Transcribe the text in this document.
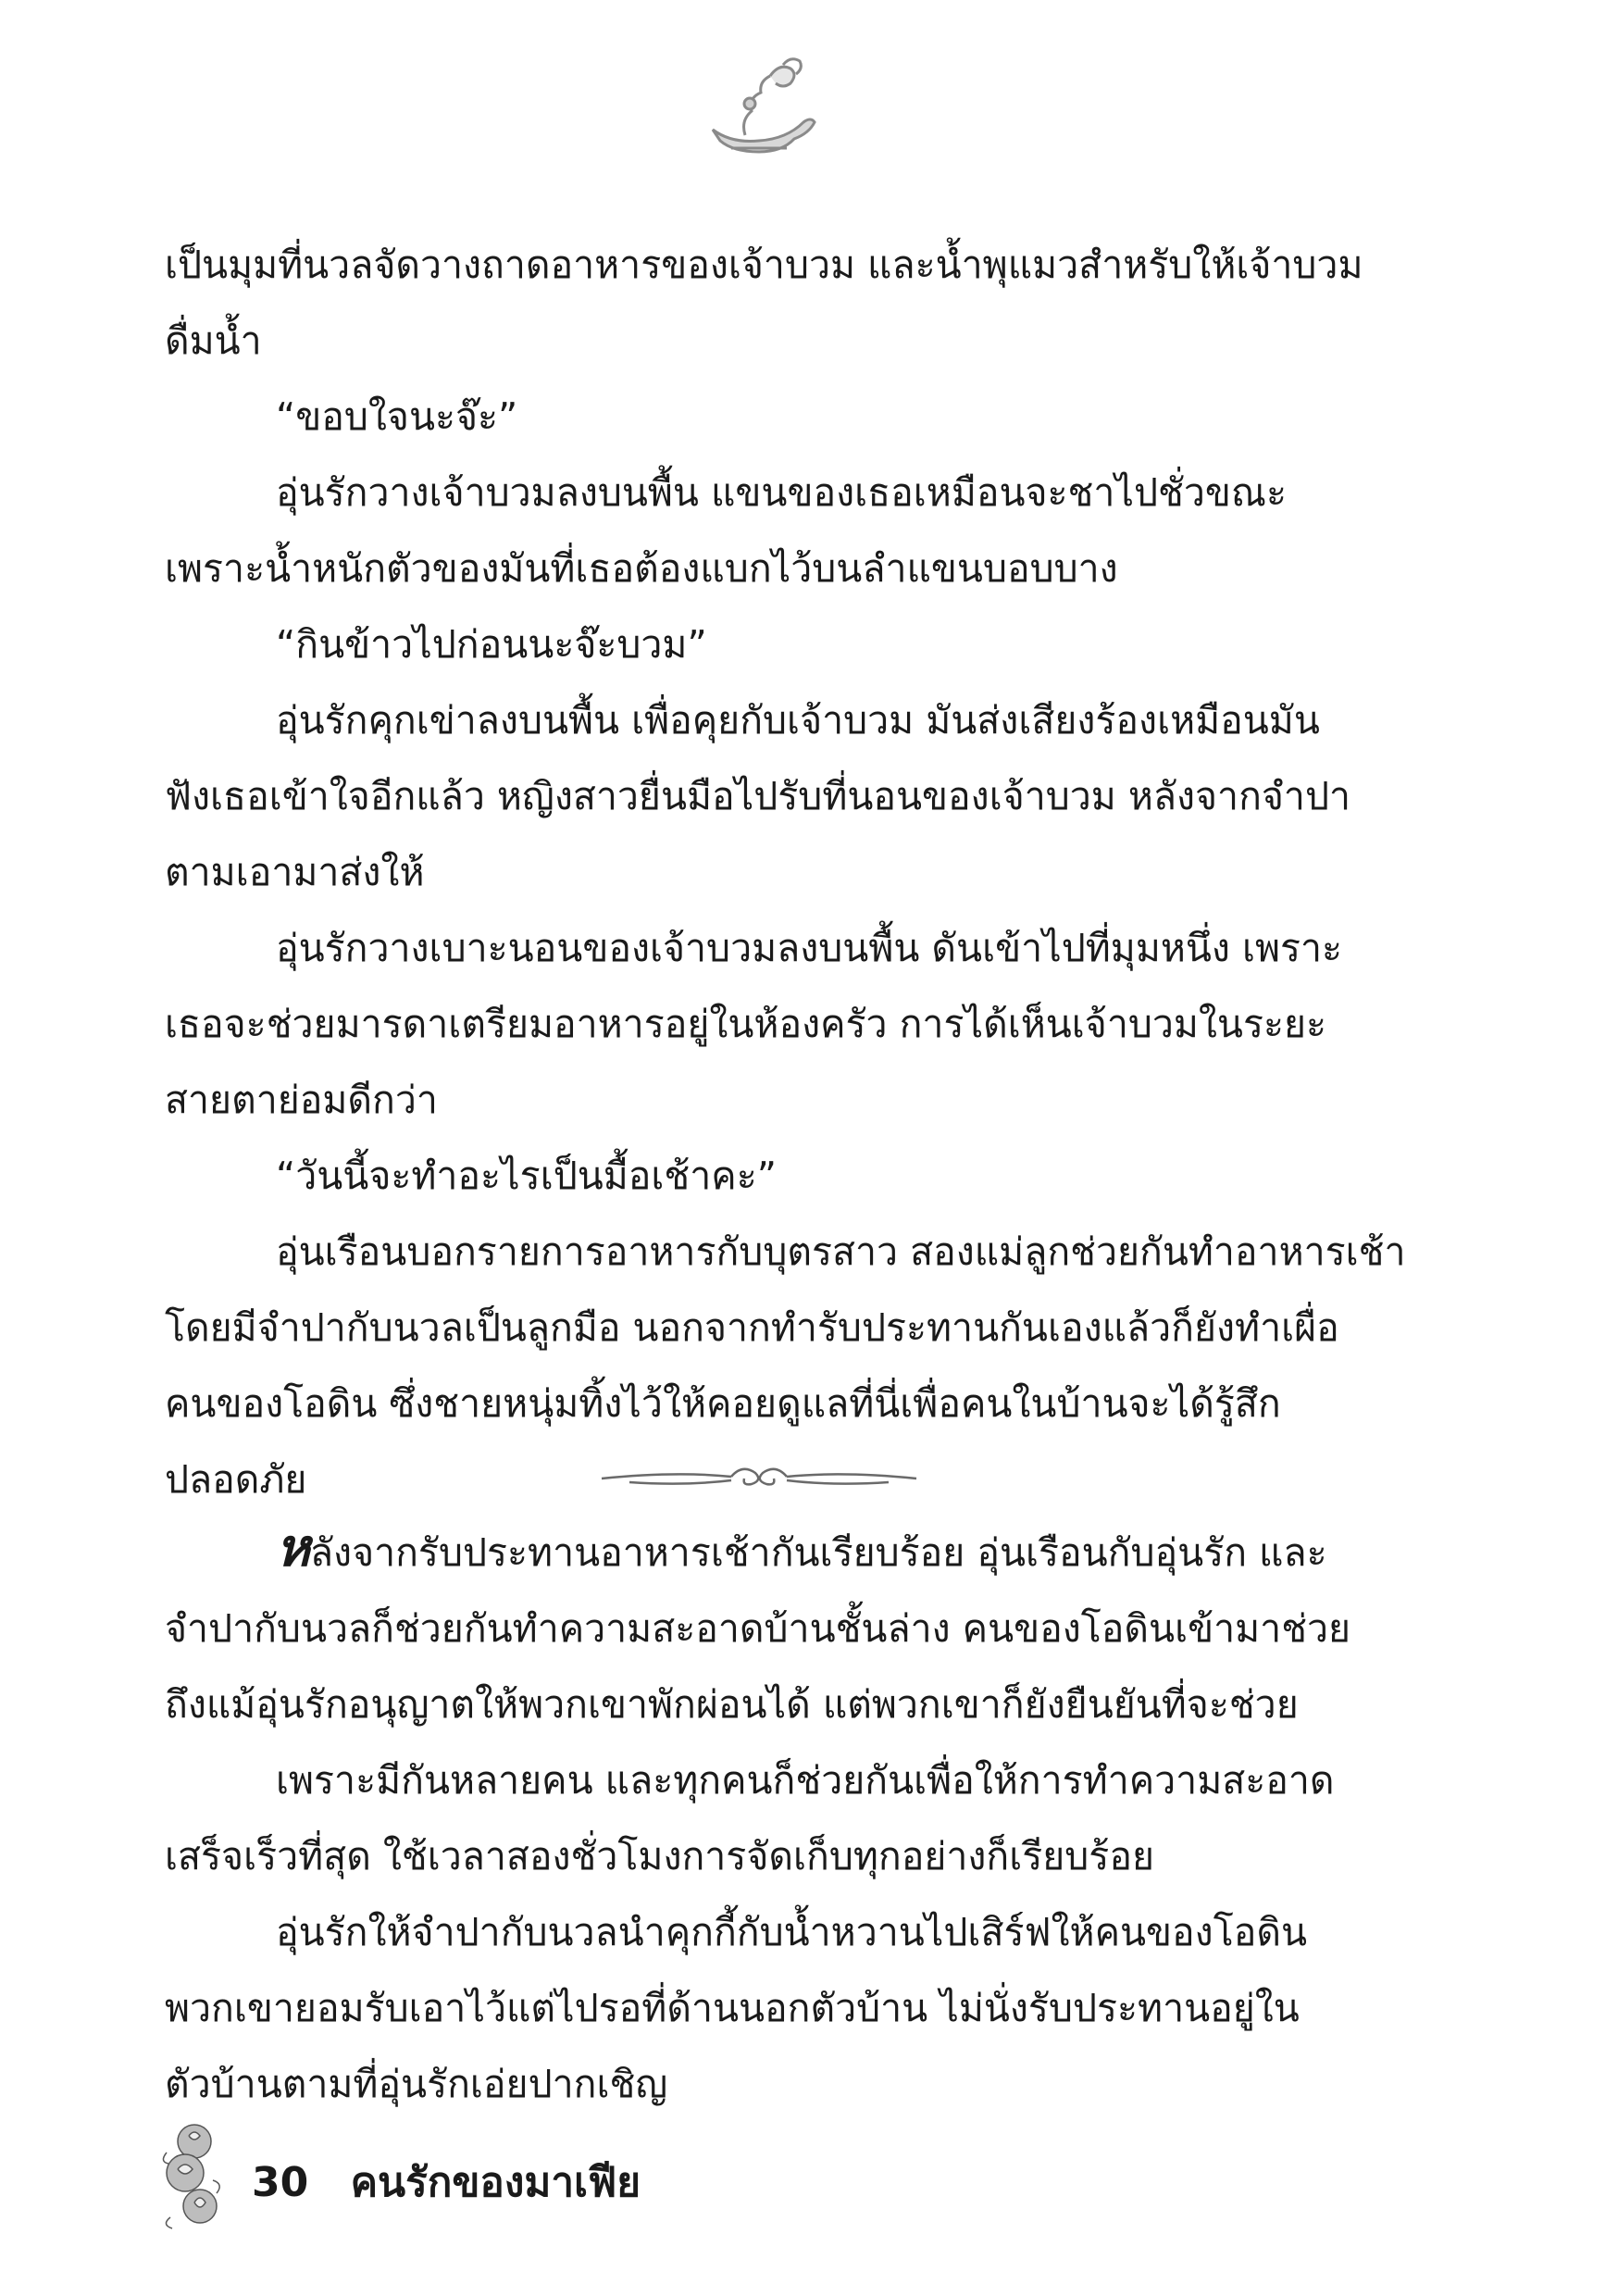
เป็นมุมที่นวลจัดวางถาดอาหารของเจ้าบวม และน้ำพุแมวสำหรับให้เจ้าบวม

ดื่มน้ำ

“ขอบใจนะจ๊ะ”

อุ่นรักวางเจ้าบวมลงบนพื้น แขนของเธอเหมือนจะชาไปชั่วขณะ

เพราะน้ำหนักตัวของมันที่เธอต้องแบกไว้บนลำแขนบอบบาง

“กินข้าวไปก่อนนะจ๊ะบวม”

อุ่นรักคุกเข่าลงบนพื้น เพื่อคุยกับเจ้าบวม มันส่งเสียงร้องเหมือนมัน

ฟังเธอเข้าใจอีกแล้ว หญิงสาวยื่นมือไปรับที่นอนของเจ้าบวม หลังจากจำปา

ตามเอามาส่งให้

อุ่นรักวางเบาะนอนของเจ้าบวมลงบนพื้น ดันเข้าไปที่มุมหนึ่ง เพราะ

เธอจะช่วยมารดาเตรียมอาหารอยู่ในห้องครัว การได้เห็นเจ้าบวมในระยะ

สายตาย่อมดีกว่า

“วันนี้จะทำอะไรเป็นมื้อเช้าคะ”

อุ่นเรือนบอกรายการอาหารกับบุตรสาว สองแม่ลูกช่วยกันทำอาหารเช้า

โดยมีจำปากับนวลเป็นลูกมือ นอกจากทำรับประทานกันเองแล้วก็ยังทำเผื่อ

คนของโอดิน ซึ่งชายหนุ่มทิ้งไว้ให้คอยดูแลที่นี่เพื่อคนในบ้านจะได้รู้สึก

ปลอดภัย

หลังจากรับประทานอาหารเช้ากันเรียบร้อย อุ่นเรือนกับอุ่นรัก และ

จำปากับนวลก็ช่วยกันทำความสะอาดบ้านชั้นล่าง คนของโอดินเข้ามาช่วย

ถึงแม้อุ่นรักอนุญาตให้พวกเขาพักผ่อนได้ แต่พวกเขาก็ยังยืนยันที่จะช่วย

เพราะมีกันหลายคน และทุกคนก็ช่วยกันเพื่อให้การทำความสะอาด

เสร็จเร็วที่สุด ใช้เวลาสองชั่วโมงการจัดเก็บทุกอย่างก็เรียบร้อย

อุ่นรักให้จำปากับนวลนำคุกกี้กับน้ำหวานไปเสิร์ฟให้คนของโอดิน

พวกเขายอมรับเอาไว้แต่ไปรอที่ด้านนอกตัวบ้าน ไม่นั่งรับประทานอยู่ใน

ตัวบ้านตามที่อุ่นรักเอ่ยปากเชิญ

30 คนรักของมาเฟีย
